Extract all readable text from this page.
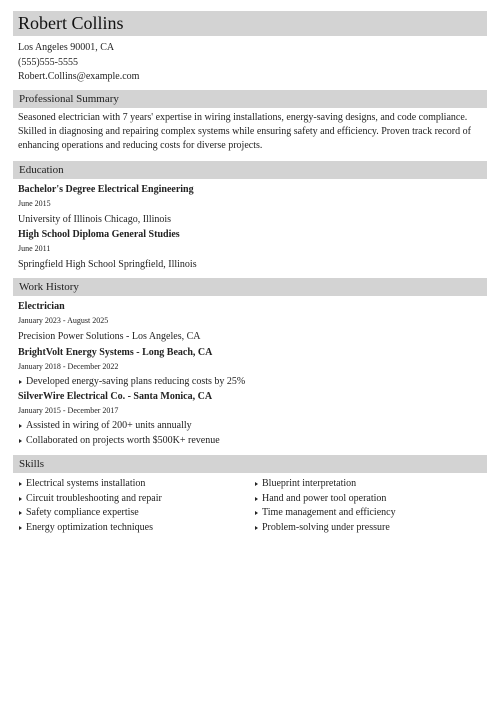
Robert Collins
Los Angeles 90001, CA
(555)555-5555
Robert.Collins@example.com
Professional Summary
Seasoned electrician with 7 years' expertise in wiring installations, energy-saving designs, and code compliance. Skilled in diagnosing and repairing complex systems while ensuring safety and efficiency. Proven track record of enhancing operations and reducing costs for diverse projects.
Education
Bachelor's Degree Electrical Engineering
June 2015
University of Illinois Chicago, Illinois
High School Diploma General Studies
June 2011
Springfield High School Springfield, Illinois
Work History
Electrician
January 2023 - August 2025
Precision Power Solutions - Los Angeles, CA
BrightVolt Energy Systems - Long Beach, CA
January 2018 - December 2022
Developed energy-saving plans reducing costs by 25%
SilverWire Electrical Co. - Santa Monica, CA
January 2015 - December 2017
Assisted in wiring of 200+ units annually
Collaborated on projects worth $500K+ revenue
Skills
Electrical systems installation
Circuit troubleshooting and repair
Safety compliance expertise
Energy optimization techniques
Blueprint interpretation
Hand and power tool operation
Time management and efficiency
Problem-solving under pressure
